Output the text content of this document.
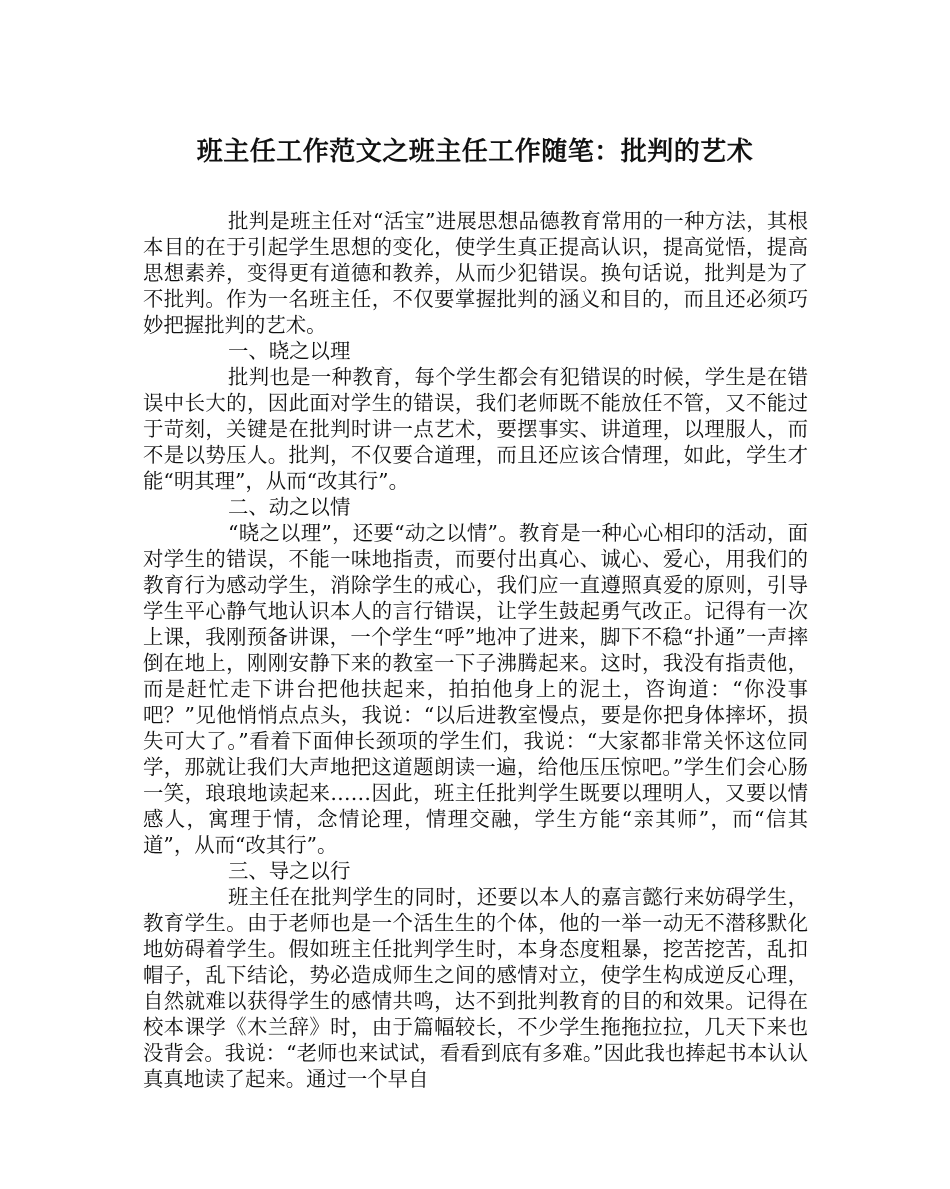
班主任工作范文之班主任工作随笔：批判的艺术

批判是班主任对“活宝”进展思想品德教育常用的一种方法，其根本目的在于引起学生思想的变化，使学生真正提高认识，提高觉悟，提高思想素养，变得更有道德和教养，从而少犯错误。换句话说，批判是为了不批判。作为一名班主任，不仅要掌握批判的涵义和目的，而且还必须巧妙把握批判的艺术。

一、晓之以理

批判也是一种教育，每个学生都会有犯错误的时候，学生是在错误中长大的，因此面对学生的错误，我们老师既不能放任不管，又不能过于苛刻，关键是在批判时讲一点艺术，要摆事实、讲道理，以理服人，而不是以势压人。批判，不仅要合道理，而且还应该合情理，如此，学生才能“明其理”，从而“改其行”。

二、动之以情

“晓之以理”，还要“动之以情”。教育是一种心心相印的活动，面对学生的错误，不能一味地指责，而要付出真心、诚心、爱心，用我们的教育行为感动学生，消除学生的戒心，我们应一直遵照真爱的原则，引导学生平心静气地认识本人的言行错误，让学生鼓起勇气改正。记得有一次上课，我刚预备讲课，一个学生“呼”地冲了进来，脚下不稳“扑通”一声摔倒在地上，刚刚安静下来的教室一下子沸腾起来。这时，我没有指责他，而是赶忙走下讲台把他扶起来，拍拍他身上的泥土，咨询道：“你没事吧？”见他悄悄点点头，我说：“以后进教室慢点，要是你把身体摔坏，损失可大了。”看着下面伸长颈项的学生们，我说：“大家都非常关怀这位同学，那就让我们大声地把这道题朗读一遍，给他压压惊吧。”学生们会心肠一笑，琅琅地读起来……因此，班主任批判学生既要以理明人，又要以情感人，寓理于情，念情论理，情理交融，学生方能“亲其师”，而“信其道”，从而“改其行”。

三、导之以行

班主任在批判学生的同时，还要以本人的嘉言懿行来妨碍学生，教育学生。由于老师也是一个活生生的个体，他的一举一动无不潜移默化地妨碍着学生。假如班主任批判学生时，本身态度粗暴，挖苦挖苦，乱扣帽子，乱下结论，势必造成师生之间的感情对立，使学生构成逆反心理，自然就难以获得学生的感情共鸣，达不到批判教育的目的和效果。记得在校本课学《木兰辞》时，由于篇幅较长，不少学生拖拖拉拉，几天下来也没背会。我说：“老师也来试试，看看到底有多难。”因此我也捧起书本认认真真地读了起来。通过一个早自
